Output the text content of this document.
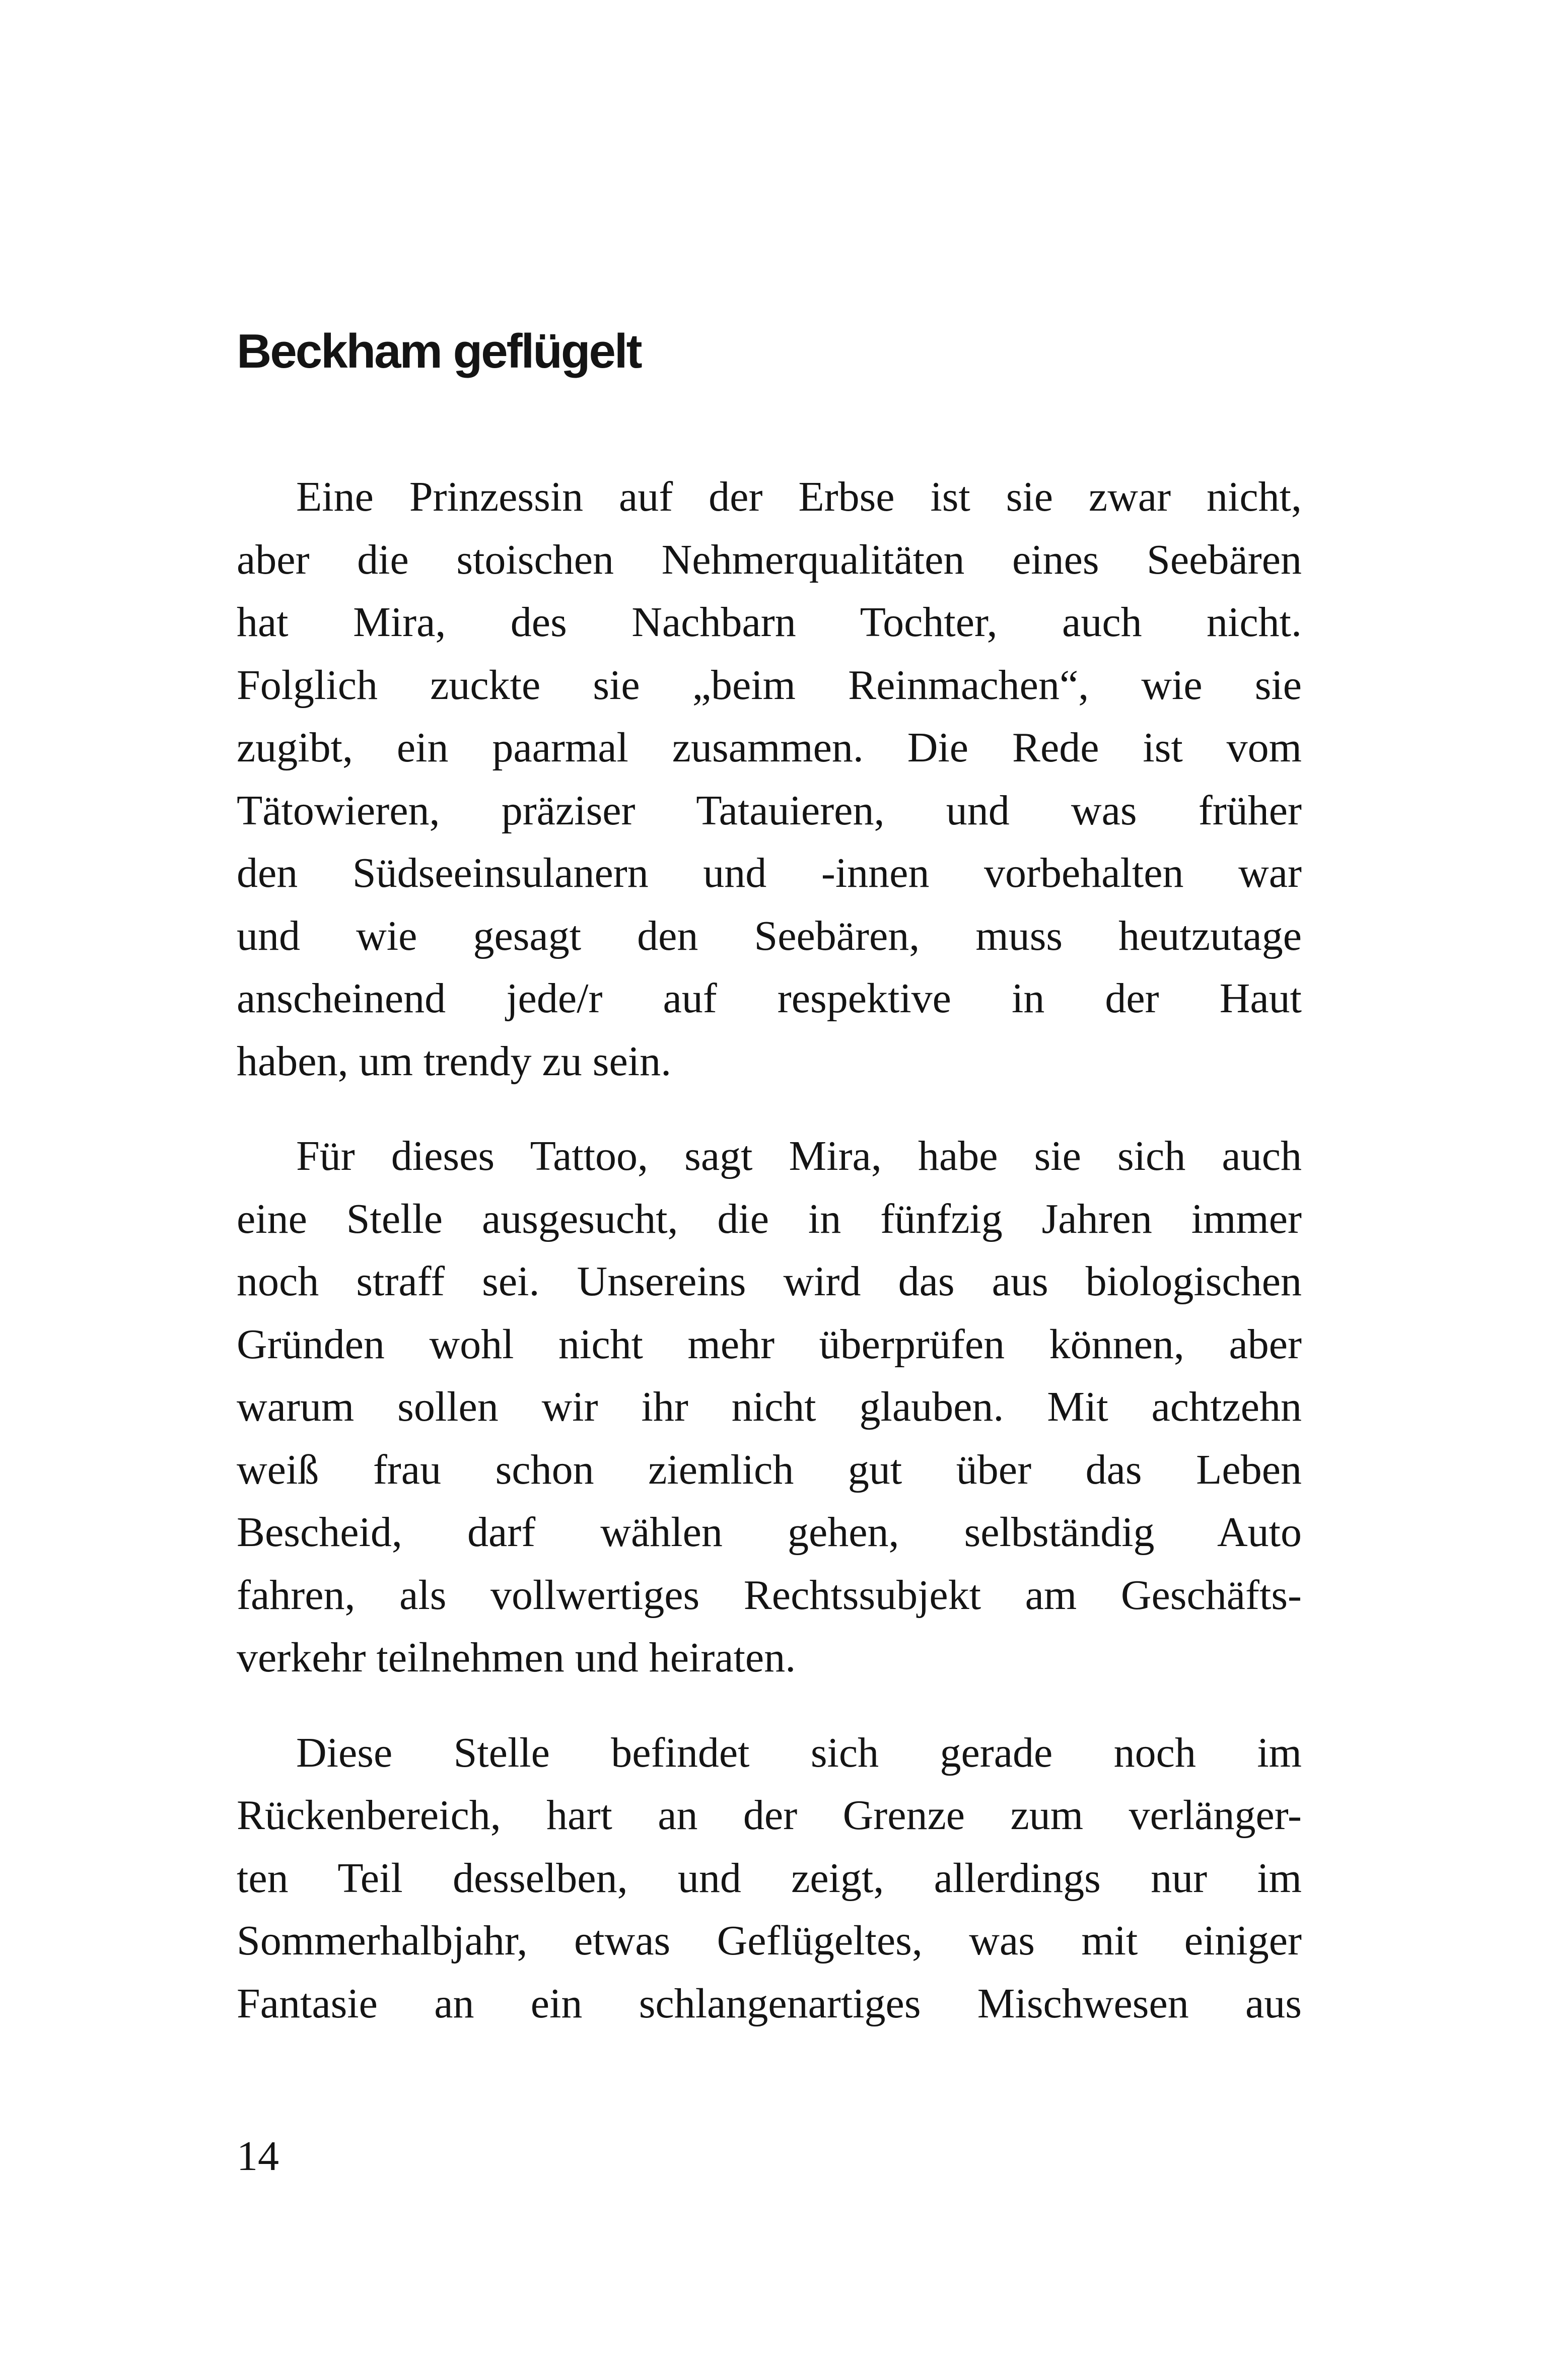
Beckham geflügelt

Eine Prinzessin auf der Erbse ist sie zwar nicht,
aber die stoischen Nehmerqualitäten eines Seebären
hat Mira, des Nachbarn Tochter, auch nicht.
Folglich zuckte sie „beim Reinmachen“, wie sie
zugibt, ein paarmal zusammen. Die Rede ist vom
Tätowieren, präziser Tatauieren, und was früher
den Südseeinsulanern und -innen vorbehalten war
und wie gesagt den Seebären, muss heutzutage
anscheinend jede/r auf respektive in der Haut
haben, um trendy zu sein.

Für dieses Tattoo, sagt Mira, habe sie sich auch
eine Stelle ausgesucht, die in fünfzig Jahren immer
noch straff sei. Unsereins wird das aus biologischen
Gründen wohl nicht mehr überprüfen können, aber
warum sollen wir ihr nicht glauben. Mit achtzehn
weiß frau schon ziemlich gut über das Leben
Bescheid, darf wählen gehen, selbständig Auto
fahren, als vollwertiges Rechtssubjekt am Geschäfts-
verkehr teilnehmen und heiraten.

Diese Stelle befindet sich gerade noch im
Rückenbereich, hart an der Grenze zum verlänger-
ten Teil desselben, und zeigt, allerdings nur im
Sommerhalbjahr, etwas Geflügeltes, was mit einiger
Fantasie an ein schlangenartiges Mischwesen aus

14
